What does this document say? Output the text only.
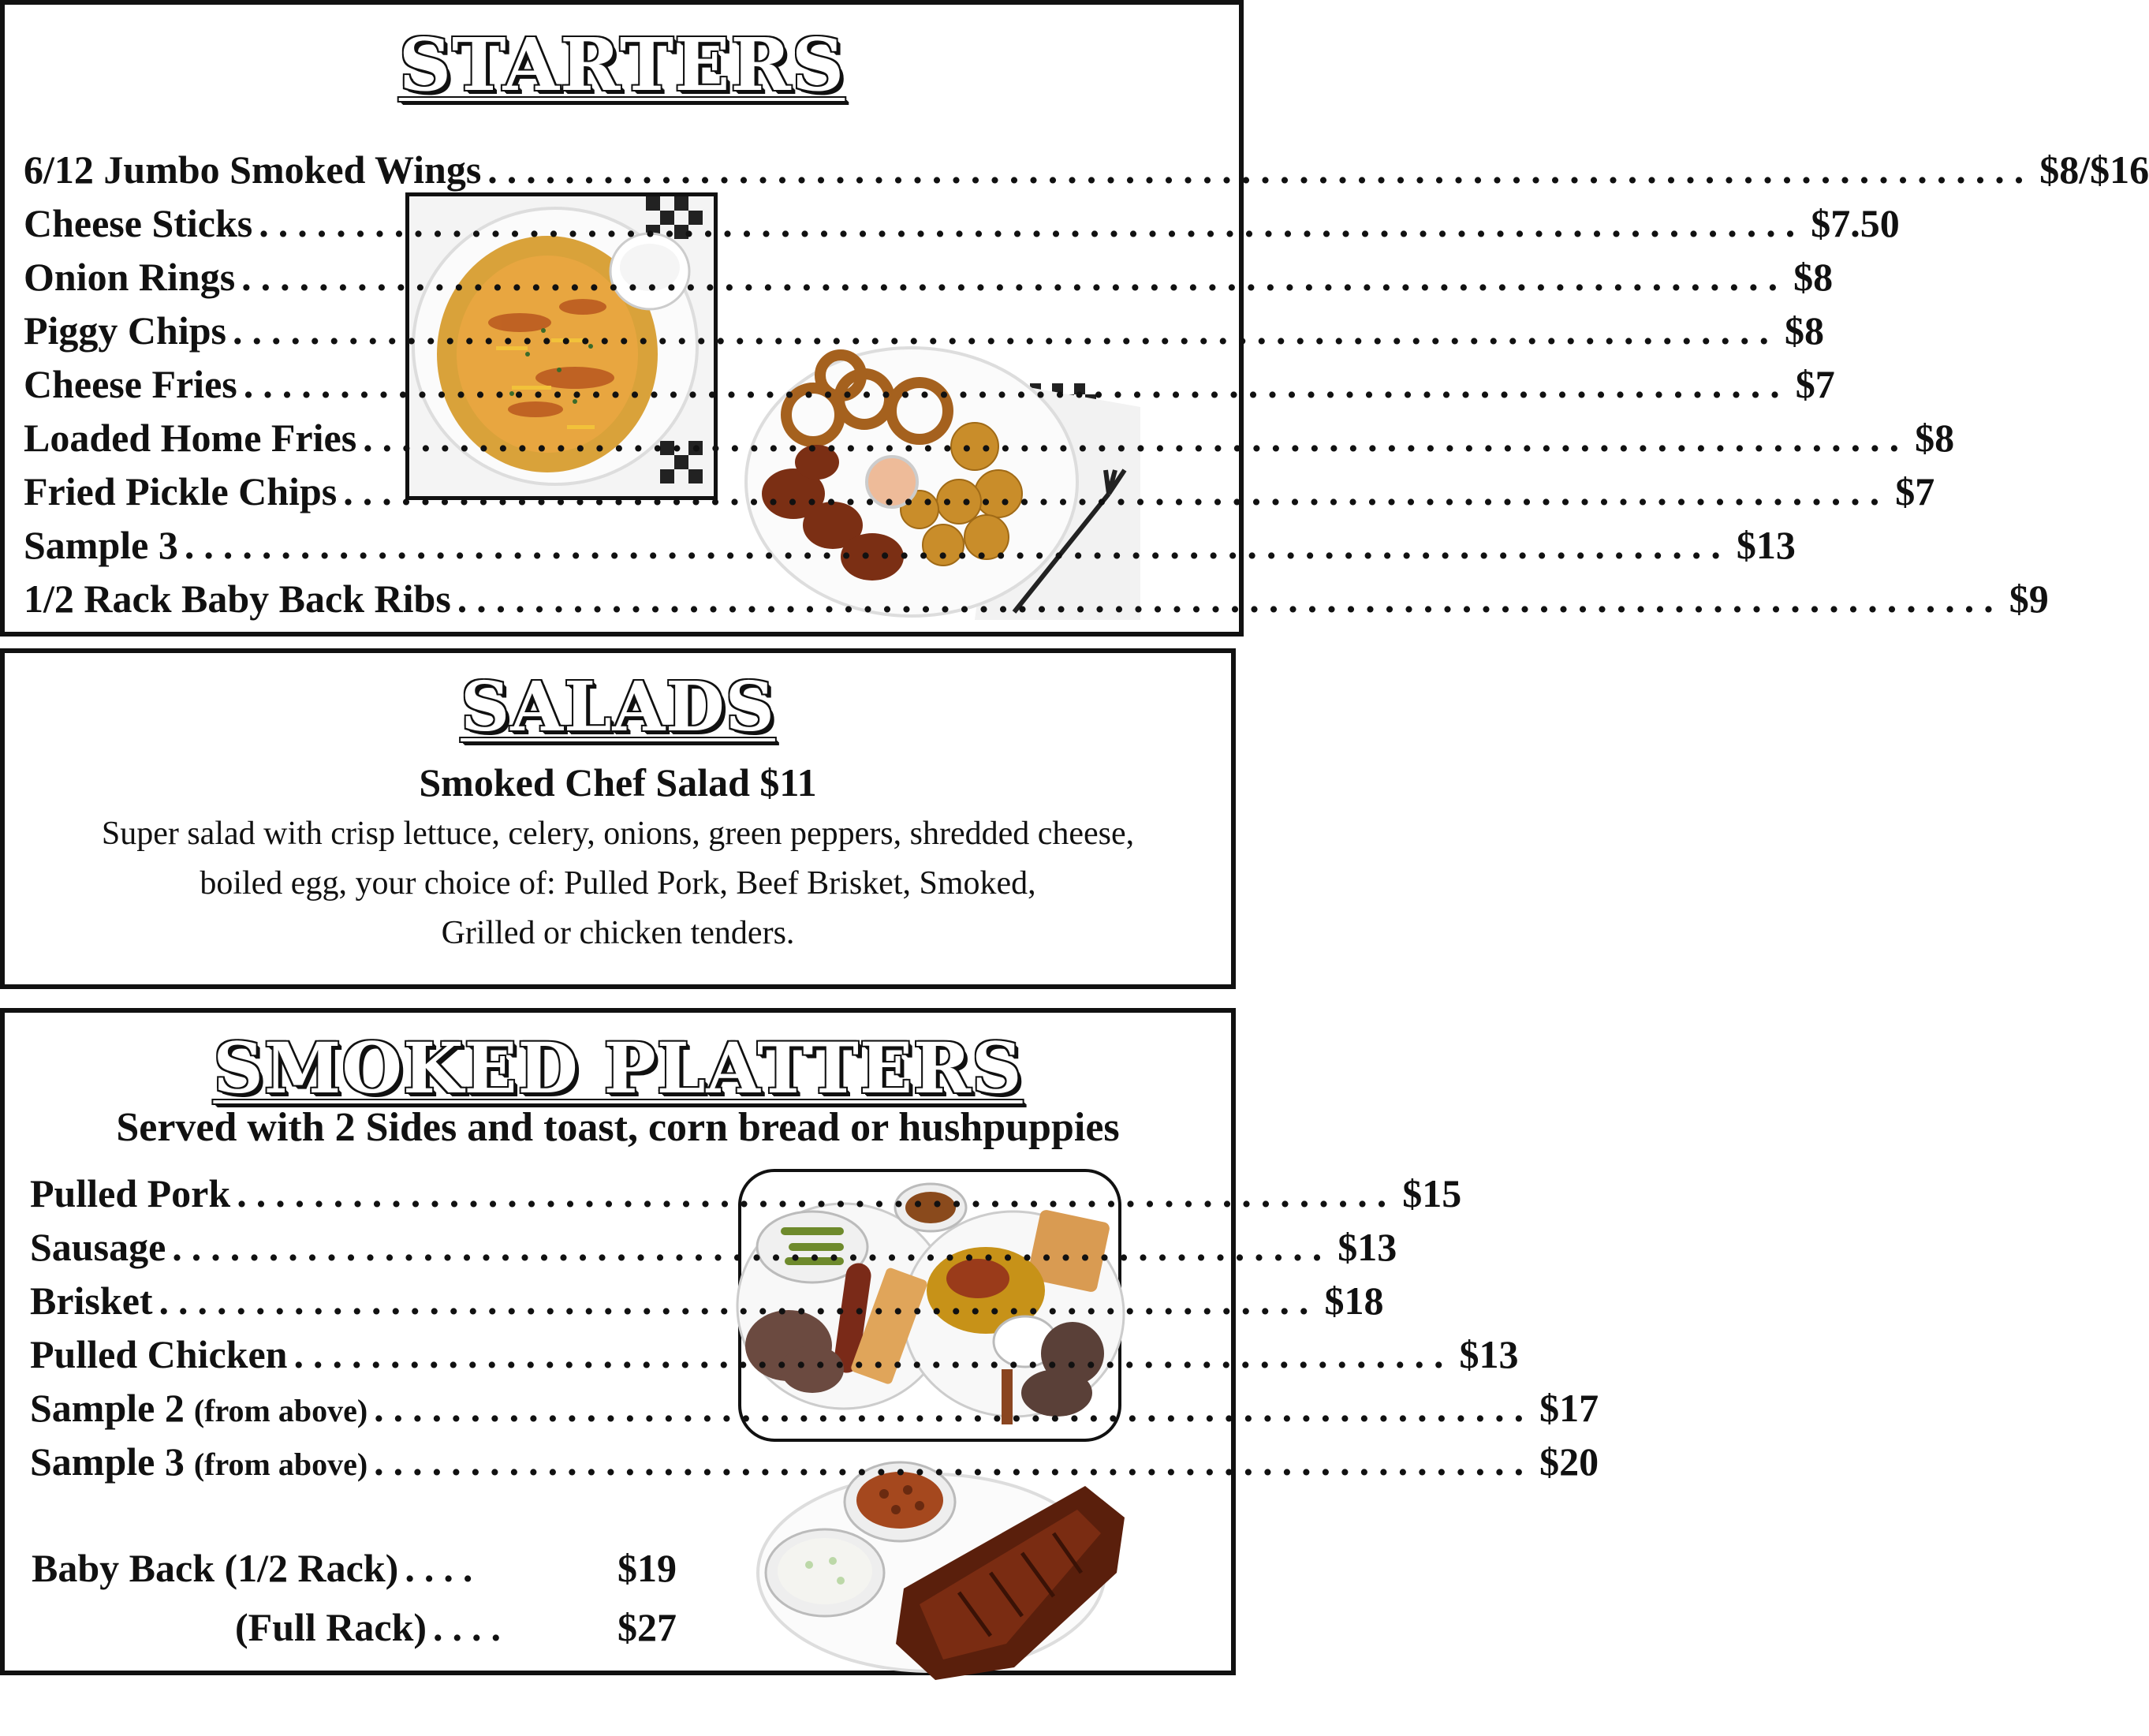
STARTERS
6/12 Jumbo Smoked Wings ................................................................................ $8/$16
Cheese Sticks ................................................................................ $7.50
Onion Rings ................................................................................ $8
Piggy Chips ................................................................................ $8
Cheese Fries ................................................................................ $7
Loaded Home Fries ................................................................................ $8
Fried Pickle Chips ................................................................................ $7
Sample 3 ................................................................................ $13
1/2 Rack Baby Back Ribs ................................................................................ $9
SALADS
Smoked Chef Salad $11
Super salad with crisp lettuce, celery, onions, green peppers, shredded cheese,
boiled egg, your choice of: Pulled Pork, Beef Brisket, Smoked,
Grilled or chicken tenders.
SMOKED PLATTERS
Served with 2 Sides and toast, corn bread or hushpuppies
Pulled Pork ............................................................ $15
Sausage ............................................................ $13
Brisket ............................................................ $18
Pulled Chicken ............................................................ $13
Sample 2 (from above) ............................................................ $17
Sample 3 (from above) ............................................................ $20
Baby Back (1/2 Rack) ....	$19
(Full Rack) ....	$27
